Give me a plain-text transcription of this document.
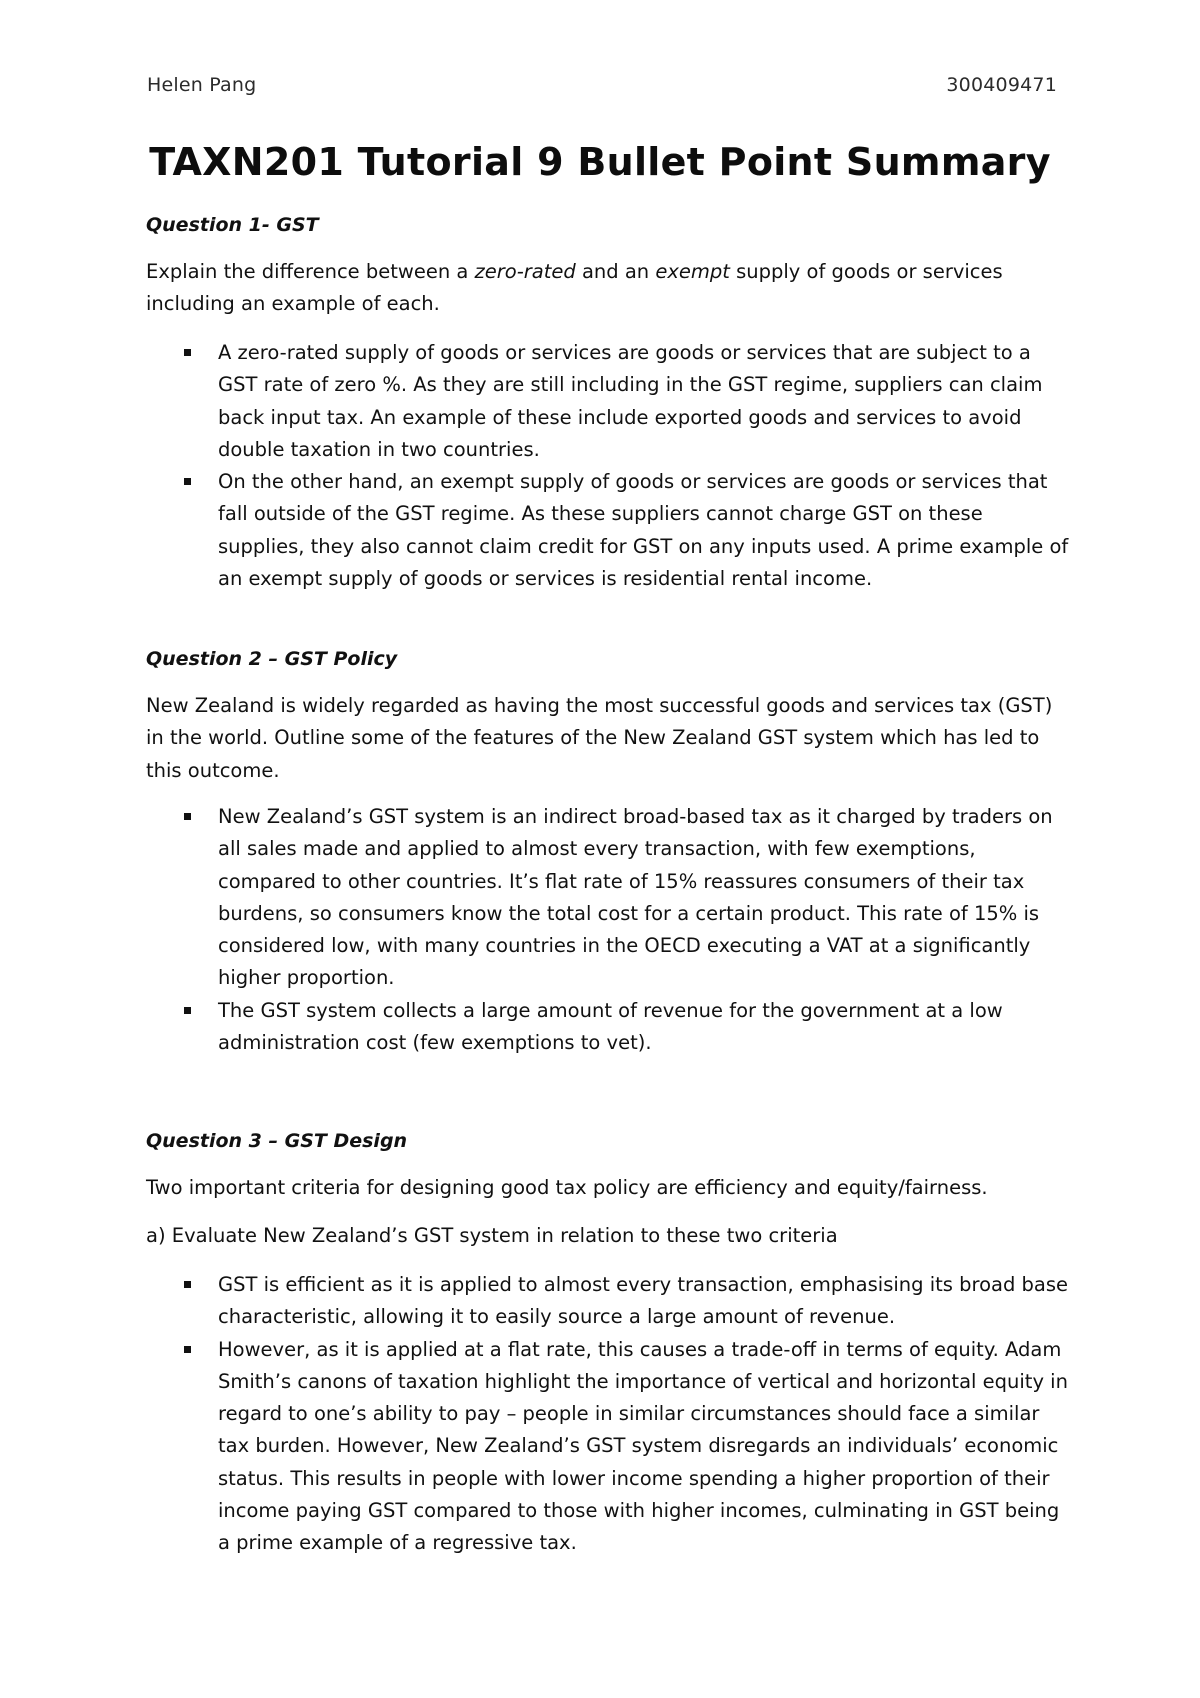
Helen Pang	300409471
TAXN201 Tutorial 9 Bullet Point Summary
Question 1- GST
Explain the difference between a zero-rated and an exempt supply of goods or services including an example of each.
A zero-rated supply of goods or services are goods or services that are subject to a GST rate of zero %. As they are still including in the GST regime, suppliers can claim back input tax. An example of these include exported goods and services to avoid double taxation in two countries.
On the other hand, an exempt supply of goods or services are goods or services that fall outside of the GST regime. As these suppliers cannot charge GST on these supplies, they also cannot claim credit for GST on any inputs used. A prime example of an exempt supply of goods or services is residential rental income.
Question 2 – GST Policy
New Zealand is widely regarded as having the most successful goods and services tax (GST) in the world. Outline some of the features of the New Zealand GST system which has led to this outcome.
New Zealand’s GST system is an indirect broad-based tax as it charged by traders on all sales made and applied to almost every transaction, with few exemptions, compared to other countries. It’s flat rate of 15% reassures consumers of their tax burdens, so consumers know the total cost for a certain product. This rate of 15% is considered low, with many countries in the OECD executing a VAT at a significantly higher proportion.
The GST system collects a large amount of revenue for the government at a low administration cost (few exemptions to vet).
Question 3 – GST Design
Two important criteria for designing good tax policy are efficiency and equity/fairness.
a) Evaluate New Zealand’s GST system in relation to these two criteria
GST is efficient as it is applied to almost every transaction, emphasising its broad base characteristic, allowing it to easily source a large amount of revenue.
However, as it is applied at a flat rate, this causes a trade-off in terms of equity. Adam Smith’s canons of taxation highlight the importance of vertical and horizontal equity in regard to one’s ability to pay – people in similar circumstances should face a similar tax burden. However, New Zealand’s GST system disregards an individuals’ economic status. This results in people with lower income spending a higher proportion of their income paying GST compared to those with higher incomes, culminating in GST being a prime example of a regressive tax.
